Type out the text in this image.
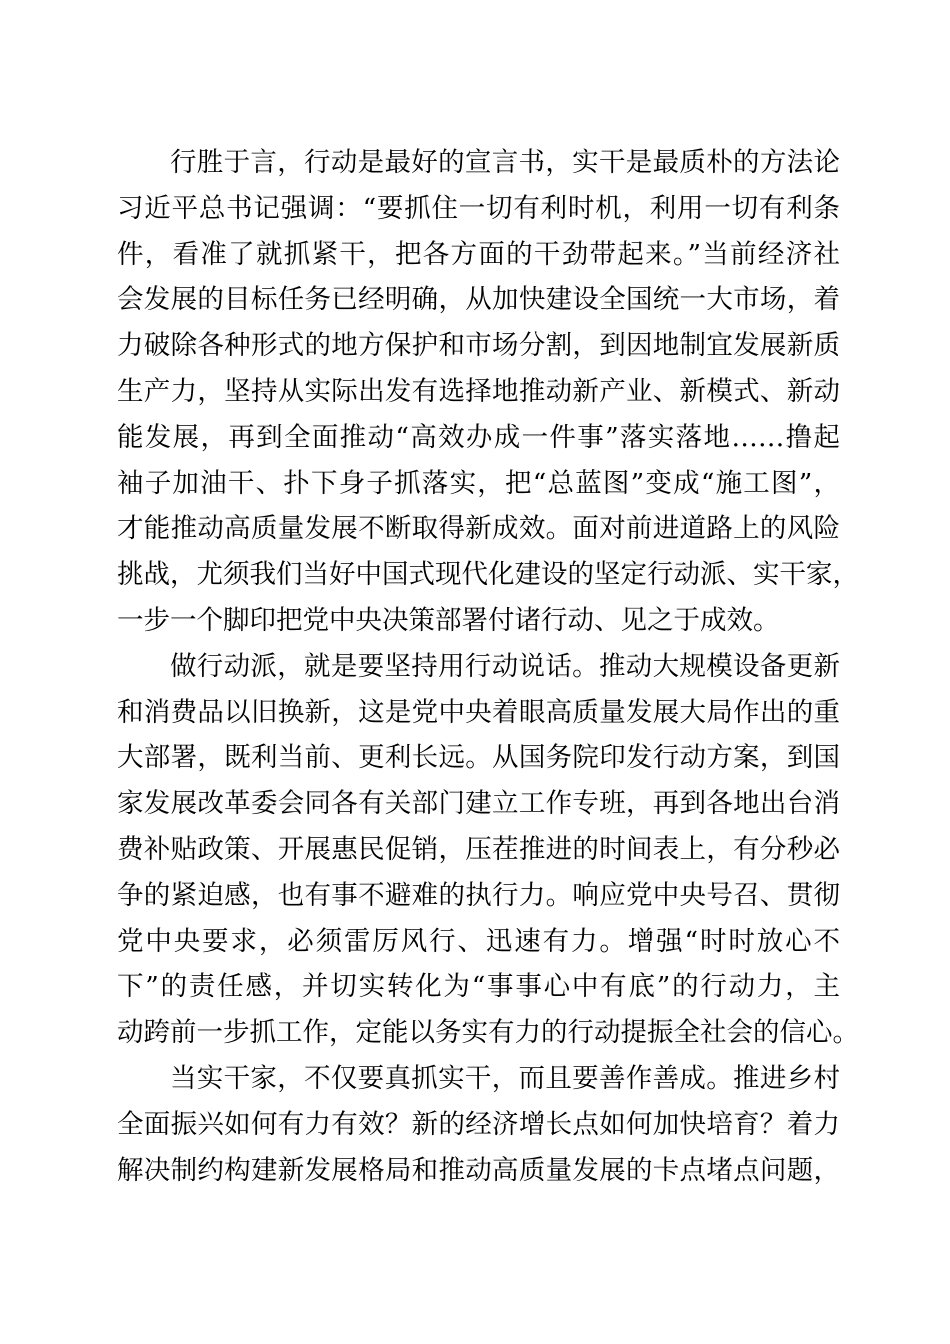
行胜于言，行动是最好的宣言书，实干是最质朴的方法论
习近平总书记强调：“要抓住一切有利时机，利用一切有利条
件，看准了就抓紧干，把各方面的干劲带起来。”当前经济社
会发展的目标任务已经明确，从加快建设全国统一大市场，着
力破除各种形式的地方保护和市场分割，到因地制宜发展新质
生产力，坚持从实际出发有选择地推动新产业、新模式、新动
能发展，再到全面推动“高效办成一件事”落实落地……撸起
袖子加油干、扑下身子抓落实，把“总蓝图”变成“施工图”，
才能推动高质量发展不断取得新成效。面对前进道路上的风险
挑战，尤须我们当好中国式现代化建设的坚定行动派、实干家，
一步一个脚印把党中央决策部署付诸行动、见之于成效。
做行动派，就是要坚持用行动说话。推动大规模设备更新
和消费品以旧换新，这是党中央着眼高质量发展大局作出的重
大部署，既利当前、更利长远。从国务院印发行动方案，到国
家发展改革委会同各有关部门建立工作专班，再到各地出台消
费补贴政策、开展惠民促销，压茬推进的时间表上，有分秒必
争的紧迫感，也有事不避难的执行力。响应党中央号召、贯彻
党中央要求，必须雷厉风行、迅速有力。增强“时时放心不
下”的责任感，并切实转化为“事事心中有底”的行动力，主
动跨前一步抓工作，定能以务实有力的行动提振全社会的信心。
当实干家，不仅要真抓实干，而且要善作善成。推进乡村
全面振兴如何有力有效？新的经济增长点如何加快培育？着力
解决制约构建新发展格局和推动高质量发展的卡点堵点问题，
